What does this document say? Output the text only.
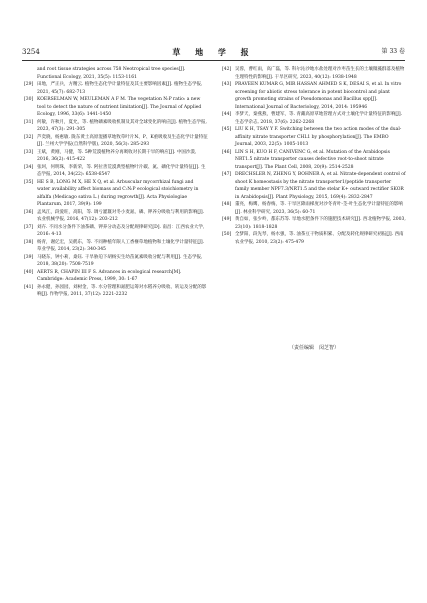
3254	草 地 学 报	第 33 卷
and root tissue strategies across 758 Neotropical tree species[J]. Functional Ecology, 2021, 35(5): 1153-1161
[29] 田地，严正兵，方精云. 植物生态化学计量特征及其主要影响因素[J]. 植物生态学报, 2021, 45(7): 682-713
[30] KOERSELMAN W, MEULEMAN A F M. The vegetation N:P ratio: a new tool to detect the nature of nutrient limitation[J]. The Journal of Applied Ecology, 1996, 33(6): 1441-1450
[31] 何敏，许秋月，夏允，等. 植物磷素吸收机制及其对全球变化的响应[J]. 植物生态学报, 2023, 47(3): 291-305
[32] 芦奕晓，杨惠敏. 陇东黄土高原混播草地牧草叶片N、P、K重吸收及生态化学计量特征[J]. 兰州大学学报(自然科学版), 2020, 56(3): 285-293
[33] 王斌，黄刚，马健，等. 5种荒漠植物养分再吸收对长期干旱的响应[J]. 中国沙漠, 2016, 36(2): 415-422
[34] 张珂，何明珠，李新荣，等. 阿拉善荒漠典型植物叶片碳、氮、磷化学计量特征[J]. 生态学报, 2014, 34(22): 6538-6547
[35] HE S B, LONG M X, HE X Q, et al. Arbuscular mycorrhizal fungi and water availability affect biomass and C:N:P ecological stoichiometry in alfalfa (Medicago sativa L.) during regrowth[J]. Acta Physiologiae Plantarum, 2017, 39(9): 199
[36] 孟凤江，段爱旺，高阳，等. 调亏灌溉对冬小麦氮、磷、钾养分吸收与利用的影响[J]. 农业机械学报, 2016, 47(12): 203-212
[37] 刘卉. 不同水分条件下油茶磷、钾养分动态及分配规律研究[D]. 南昌：江西农业大学, 2016: 4-13
[38] 杨青，谢亿宏，吴鹤东，等. 不同种植年限人工香榧草地植物和土壤化学计量特征[J]. 草业学报, 2014, 23(2): 340-345
[39] 马晓东，钟小莉，桑钰. 干旱胁迫下胡杨实生幼苗氮素吸收分配与利用[J]. 生态学报, 2018, 38(20): 7508-7519
[40] AERTS R, CHAPIN III F S. Advances in ecological research[M]. Cambridge: Academic Press, 1999, 30: 1-67
[41] 孙永健，孙园园，刘树金，等. 水分管理和氮肥运筹对水稻养分吸收、转运及分配的影响[J]. 作物学报, 2011, 37(12): 2221-2232
[42] 吴蓉，曹红雨，高广磊，等. 科尔沁沙地水盐处理对沙枣苗生长的土壤微藻群落及植物生理特性的影响[J]. 干旱区研究, 2023, 40(12): 1938-1948
[43] PRAVEEN KUMAR G, MIR HASSAN AHMED S K, DESAI S, et al. In vitro screening for abiotic stress tolerance in potent biocontrol and plant growth promoting strains of Pseudomonas and Bacillus spp[J]. International Journal of Bacteriology, 2014, 2014: 195946
[44] 李梦天，秦燕燕，曹建军，等. 青藏高原草地管理方式对土壤化学计量特征的影响[J]. 生态学杂志, 2018, 37(6): 2262-2268
[45] LIU K H, TSAY Y F. Switching between the two action modes of the dual-affinity nitrate transporter CHL1 by phosphorylation[J]. The EMBO Journal, 2003, 22(5): 1005-1013
[46] LIN S H, KUO H F, CANIVENC G, et al. Mutation of the Arabidopsis NRT1.5 nitrate transporter causes defective root-to-shoot nitrate transport[J]. The Plant Cell, 2008, 20(9): 2514-2528
[47] DRECHSLER N, ZHENG Y, BOHNER A, et al. Nitrate-dependent control of shoot K homeostasis by the nitrate transporter1/peptide transporter family member NPF7.3/NRT1.5 and the stelar K+ outward rectifier SKOR in Arabidopsis[J]. Plant Physiology, 2015, 169(4): 2832-2847
[48] 董亮，梅鹰，杨春梅，等. 干旱区降雨梯度对沙冬青叶-茎-叶生态化学计量特征的影响[J]. 林业科学研究, 2023, 36(5): 60-71
[49] 黄自如，张少岭，都东苏等. 旱地水肥条件下的施肥技术研究[J]. 西北植物学报, 2003, 23(10): 1818-1828
[50] 全梦阳，段先琴，杨水强，等. 油茶豆干物质积累、分配及转化规律研究初报[J]. 西南农业学报, 2010, 23(2): 475-479
（责任编辑　闵芝智）
